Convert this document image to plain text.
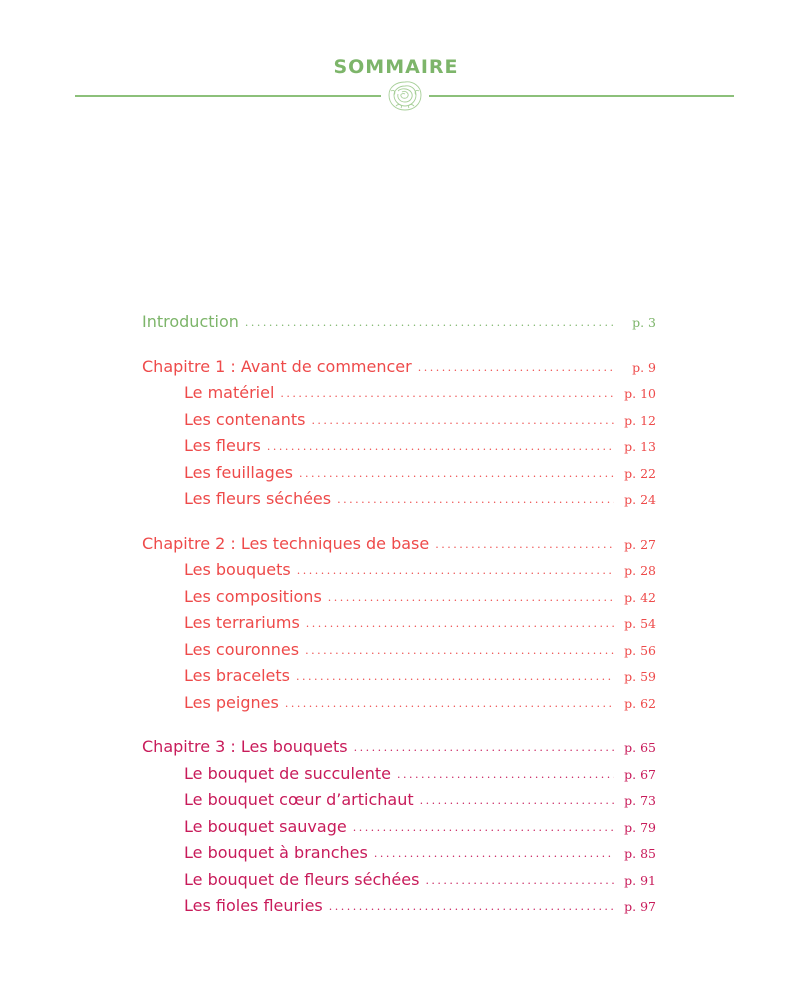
SOMMAIRE
Introduction . . .	p. 3
Chapitre 1 : Avant de commencer . . .	p. 9
Le matériel . . .	p. 10
Les contenants . . .	p. 12
Les fleurs . . .	p. 13
Les feuillages . . .	p. 22
Les fleurs séchées . . .	p. 24
Chapitre 2 : Les techniques de base . . .	p. 27
Les bouquets . . .	p. 28
Les compositions . . .	p. 42
Les terrariums . . .	p. 54
Les couronnes . . .	p. 56
Les bracelets . . .	p. 59
Les peignes . . .	p. 62
Chapitre 3 : Les bouquets . . .	p. 65
Le bouquet de succulente . . .	p. 67
Le bouquet cœur d’artichaut . . .	p. 73
Le bouquet sauvage . . .	p. 79
Le bouquet à branches . . .	p. 85
Le bouquet de fleurs séchées . . .	p. 91
Les fioles fleuries . . .	p. 97
